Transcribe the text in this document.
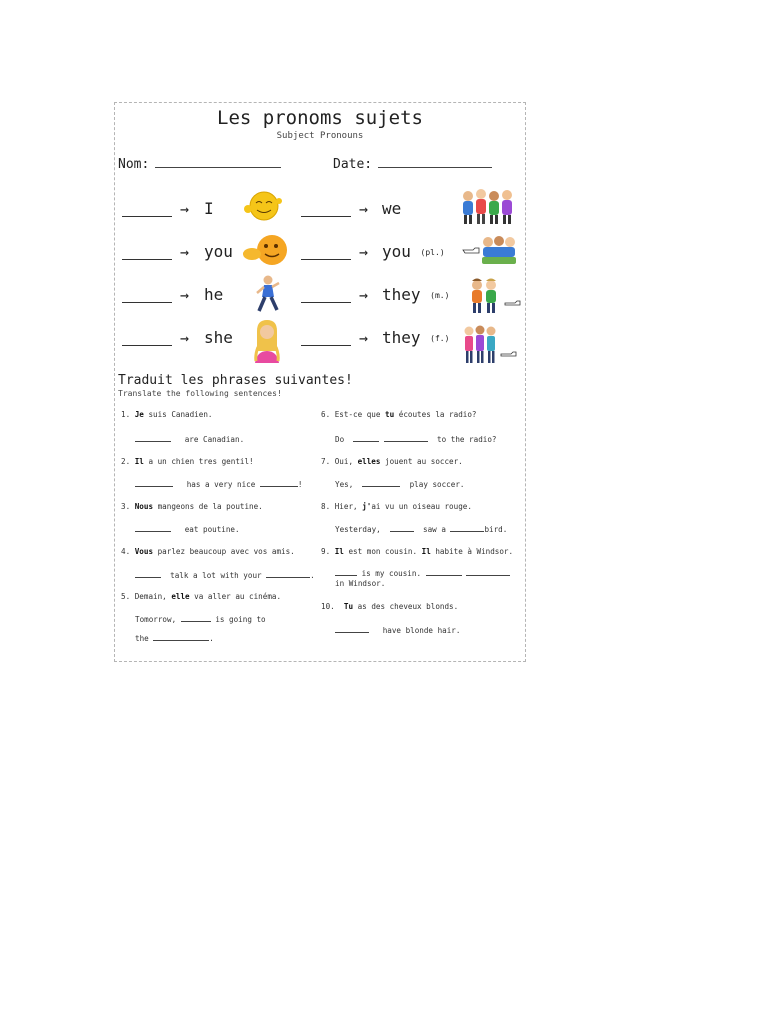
Les pronoms sujets
Subject Pronouns
Nom:	Date:
→ I	→ we
→ you	→ you (pl.)
→ he	→ they (m.)
→ she	→ they (f.)
Traduit les phrases suivantes!
Translate the following sentences!
1. Je suis Canadien.
are Canadian.
2. Il a un chien tres gentil!
has a very nice	!
3. Nous mangeons de la poutine.
eat poutine.
4. Vous parlez beaucoup avec vos amis.
talk a lot with your	.
5. Demain, elle va aller au cinéma.
Tomorrow,	is going to
the	.
6. Est-ce que tu écoutes la radio?
Do	to the radio?
7. Oui, elles jouent au soccer.
Yes,	play soccer.
8. Hier, j'ai vu un oiseau rouge.
Yesterday,	saw a	bird.
9. Il est mon cousin. Il habite à Windsor.
is my cousin.
in Windsor.
10. Tu as des cheveux blonds.
have blonde hair.
